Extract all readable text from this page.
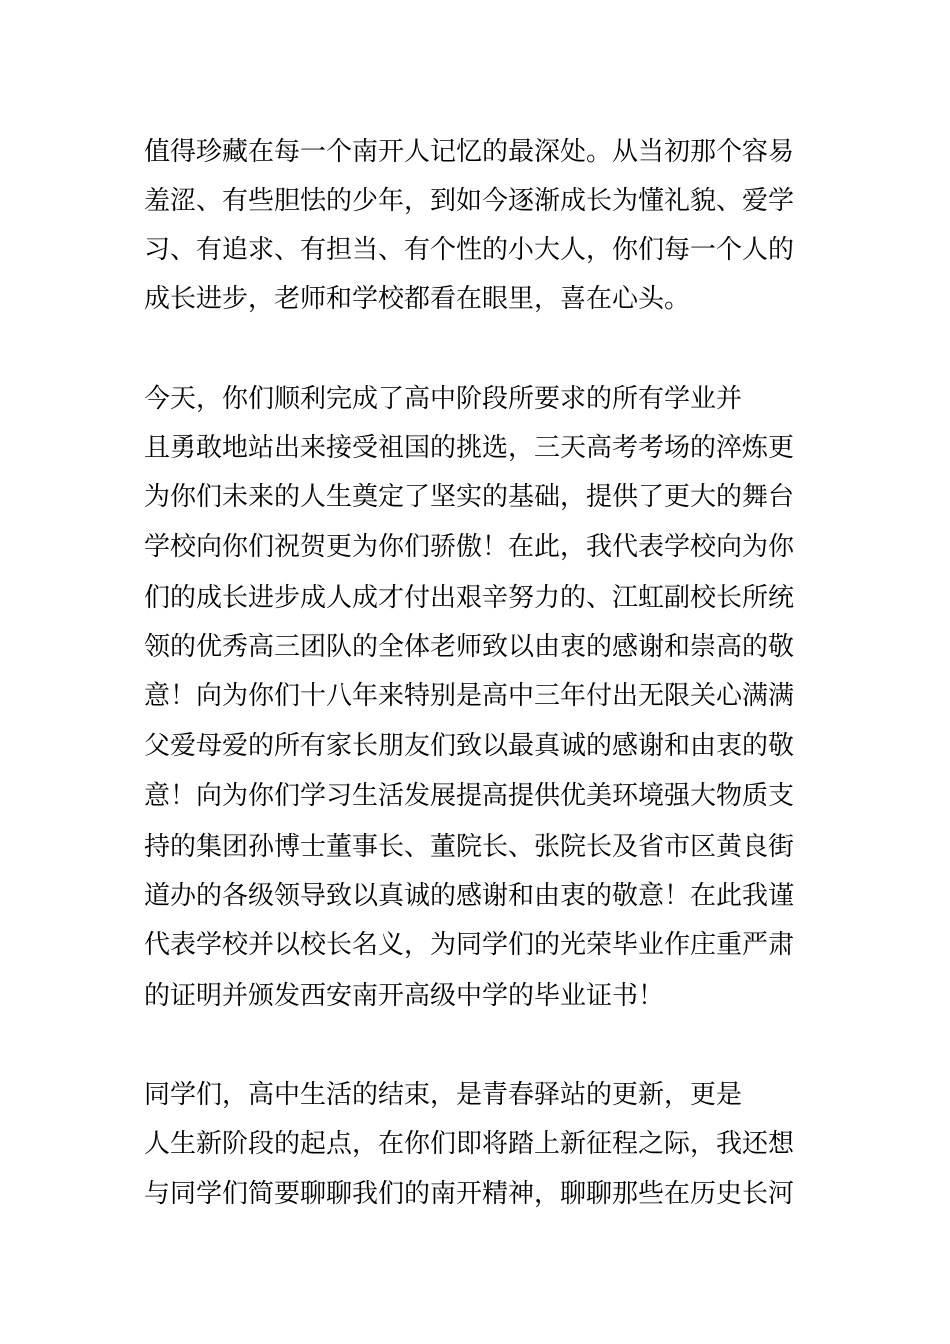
值得珍藏在每一个南开人记忆的最深处。从当初那个容易
羞涩、有些胆怯的少年，到如今逐渐成长为懂礼貌、爱学
习、有追求、有担当、有个性的小大人，你们每一个人的
成长进步，老师和学校都看在眼里，喜在心头。
今天，你们顺利完成了高中阶段所要求的所有学业并
且勇敢地站出来接受祖国的挑选，三天高考考场的淬炼更
为你们未来的人生奠定了坚实的基础，提供了更大的舞台
学校向你们祝贺更为你们骄傲！在此，我代表学校向为你
们的成长进步成人成才付出艰辛努力的、江虹副校长所统
领的优秀高三团队的全体老师致以由衷的感谢和崇高的敬
意！向为你们十八年来特别是高中三年付出无限关心满满
父爱母爱的所有家长朋友们致以最真诚的感谢和由衷的敬
意！向为你们学习生活发展提高提供优美环境强大物质支
持的集团孙博士董事长、董院长、张院长及省市区黄良街
道办的各级领导致以真诚的感谢和由衷的敬意！在此我谨
代表学校并以校长名义，为同学们的光荣毕业作庄重严肃
的证明并颁发西安南开高级中学的毕业证书！
同学们，高中生活的结束，是青春驿站的更新，更是
人生新阶段的起点，在你们即将踏上新征程之际，我还想
与同学们简要聊聊我们的南开精神，聊聊那些在历史长河
